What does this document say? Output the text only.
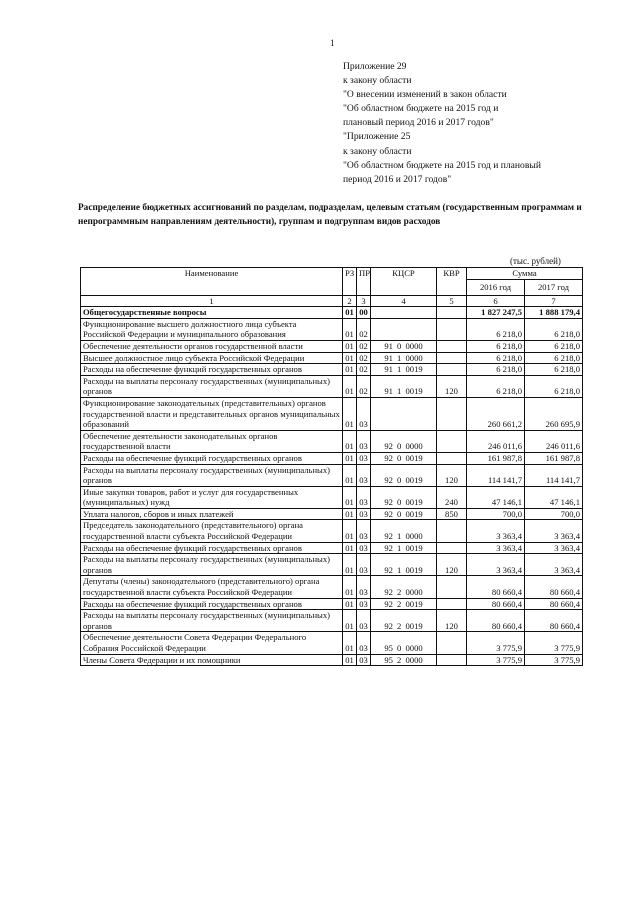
1
Приложение 29
к закону области
"О внесении изменений в закон области
"Об областном бюджете на 2015 год и
плановый период 2016 и 2017 годов"
"Приложение 25
к закону области
"Об областном бюджете на 2015 год и плановый
период 2016 и 2017 годов"
Распределение бюджетных ассигнований по разделам, подразделам, целевым статьям (государственным программам и непрограммным направлениям деятельности), группам и подгруппам видов расходов
(тыс. рублей)
Наименование	РЗ	ПР	КЦСР	КВР	Сумма	
					2016 год	2017 год
1	2	3	4	5	6	7
Общегосударственные вопросы	01	00			1 827 247,5	1 888 179,4
Функционирование высшего должностного лица субъекта Российской Федерации и муниципального образования	01	02			6 218,0	6 218,0
Обеспечение деятельности органов государственной власти	01	02	91 0 0000		6 218,0	6 218,0
Высшее должностное лицо субъекта Российской Федерации	01	02	91 1 0000		6 218,0	6 218,0
Расходы на обеспечение функций государственных органов	01	02	91 1 0019		6 218,0	6 218,0
Расходы на выплаты персоналу государственных (муниципальных) органов	01	02	91 1 0019	120	6 218,0	6 218,0
Функционирование законодательных (представительных) органов государственной власти и представительных органов муниципальных образований	01	03			260 661,2	260 695,9
Обеспечение деятельности законодательных органов государственной власти	01	03	92 0 0000		246 011,6	246 011,6
Расходы на обеспечение функций государственных органов	01	03	92 0 0019		161 987,8	161 987,8
Расходы на выплаты персоналу государственных (муниципальных) органов	01	03	92 0 0019	120	114 141,7	114 141,7
Иные закупки товаров, работ и услуг для государственных (муниципальных) нужд	01	03	92 0 0019	240	47 146,1	47 146,1
Уплата налогов, сборов и иных платежей	01	03	92 0 0019	850	700,0	700,0
Председатель законодательного (представительного) органа государственной власти субъекта Российской Федерации	01	03	92 1 0000		3 363,4	3 363,4
Расходы на обеспечение функций государственных органов	01	03	92 1 0019		3 363,4	3 363,4
Расходы на выплаты персоналу государственных (муниципальных) органов	01	03	92 1 0019	120	3 363,4	3 363,4
Депутаты (члены) законодательного (представительного) органа государственной власти субъекта Российской Федерации	01	03	92 2 0000		80 660,4	80 660,4
Расходы на обеспечение функций государственных органов	01	03	92 2 0019		80 660,4	80 660,4
Расходы на выплаты персоналу государственных (муниципальных) органов	01	03	92 2 0019	120	80 660,4	80 660,4
Обеспечение деятельности Совета Федерации Федерального Собрания Российской Федерации	01	03	95 0 0000		3 775,9	3 775,9
Члены Совета Федерации и их помощники	01	03	95 2 0000		3 775,9	3 775,9
